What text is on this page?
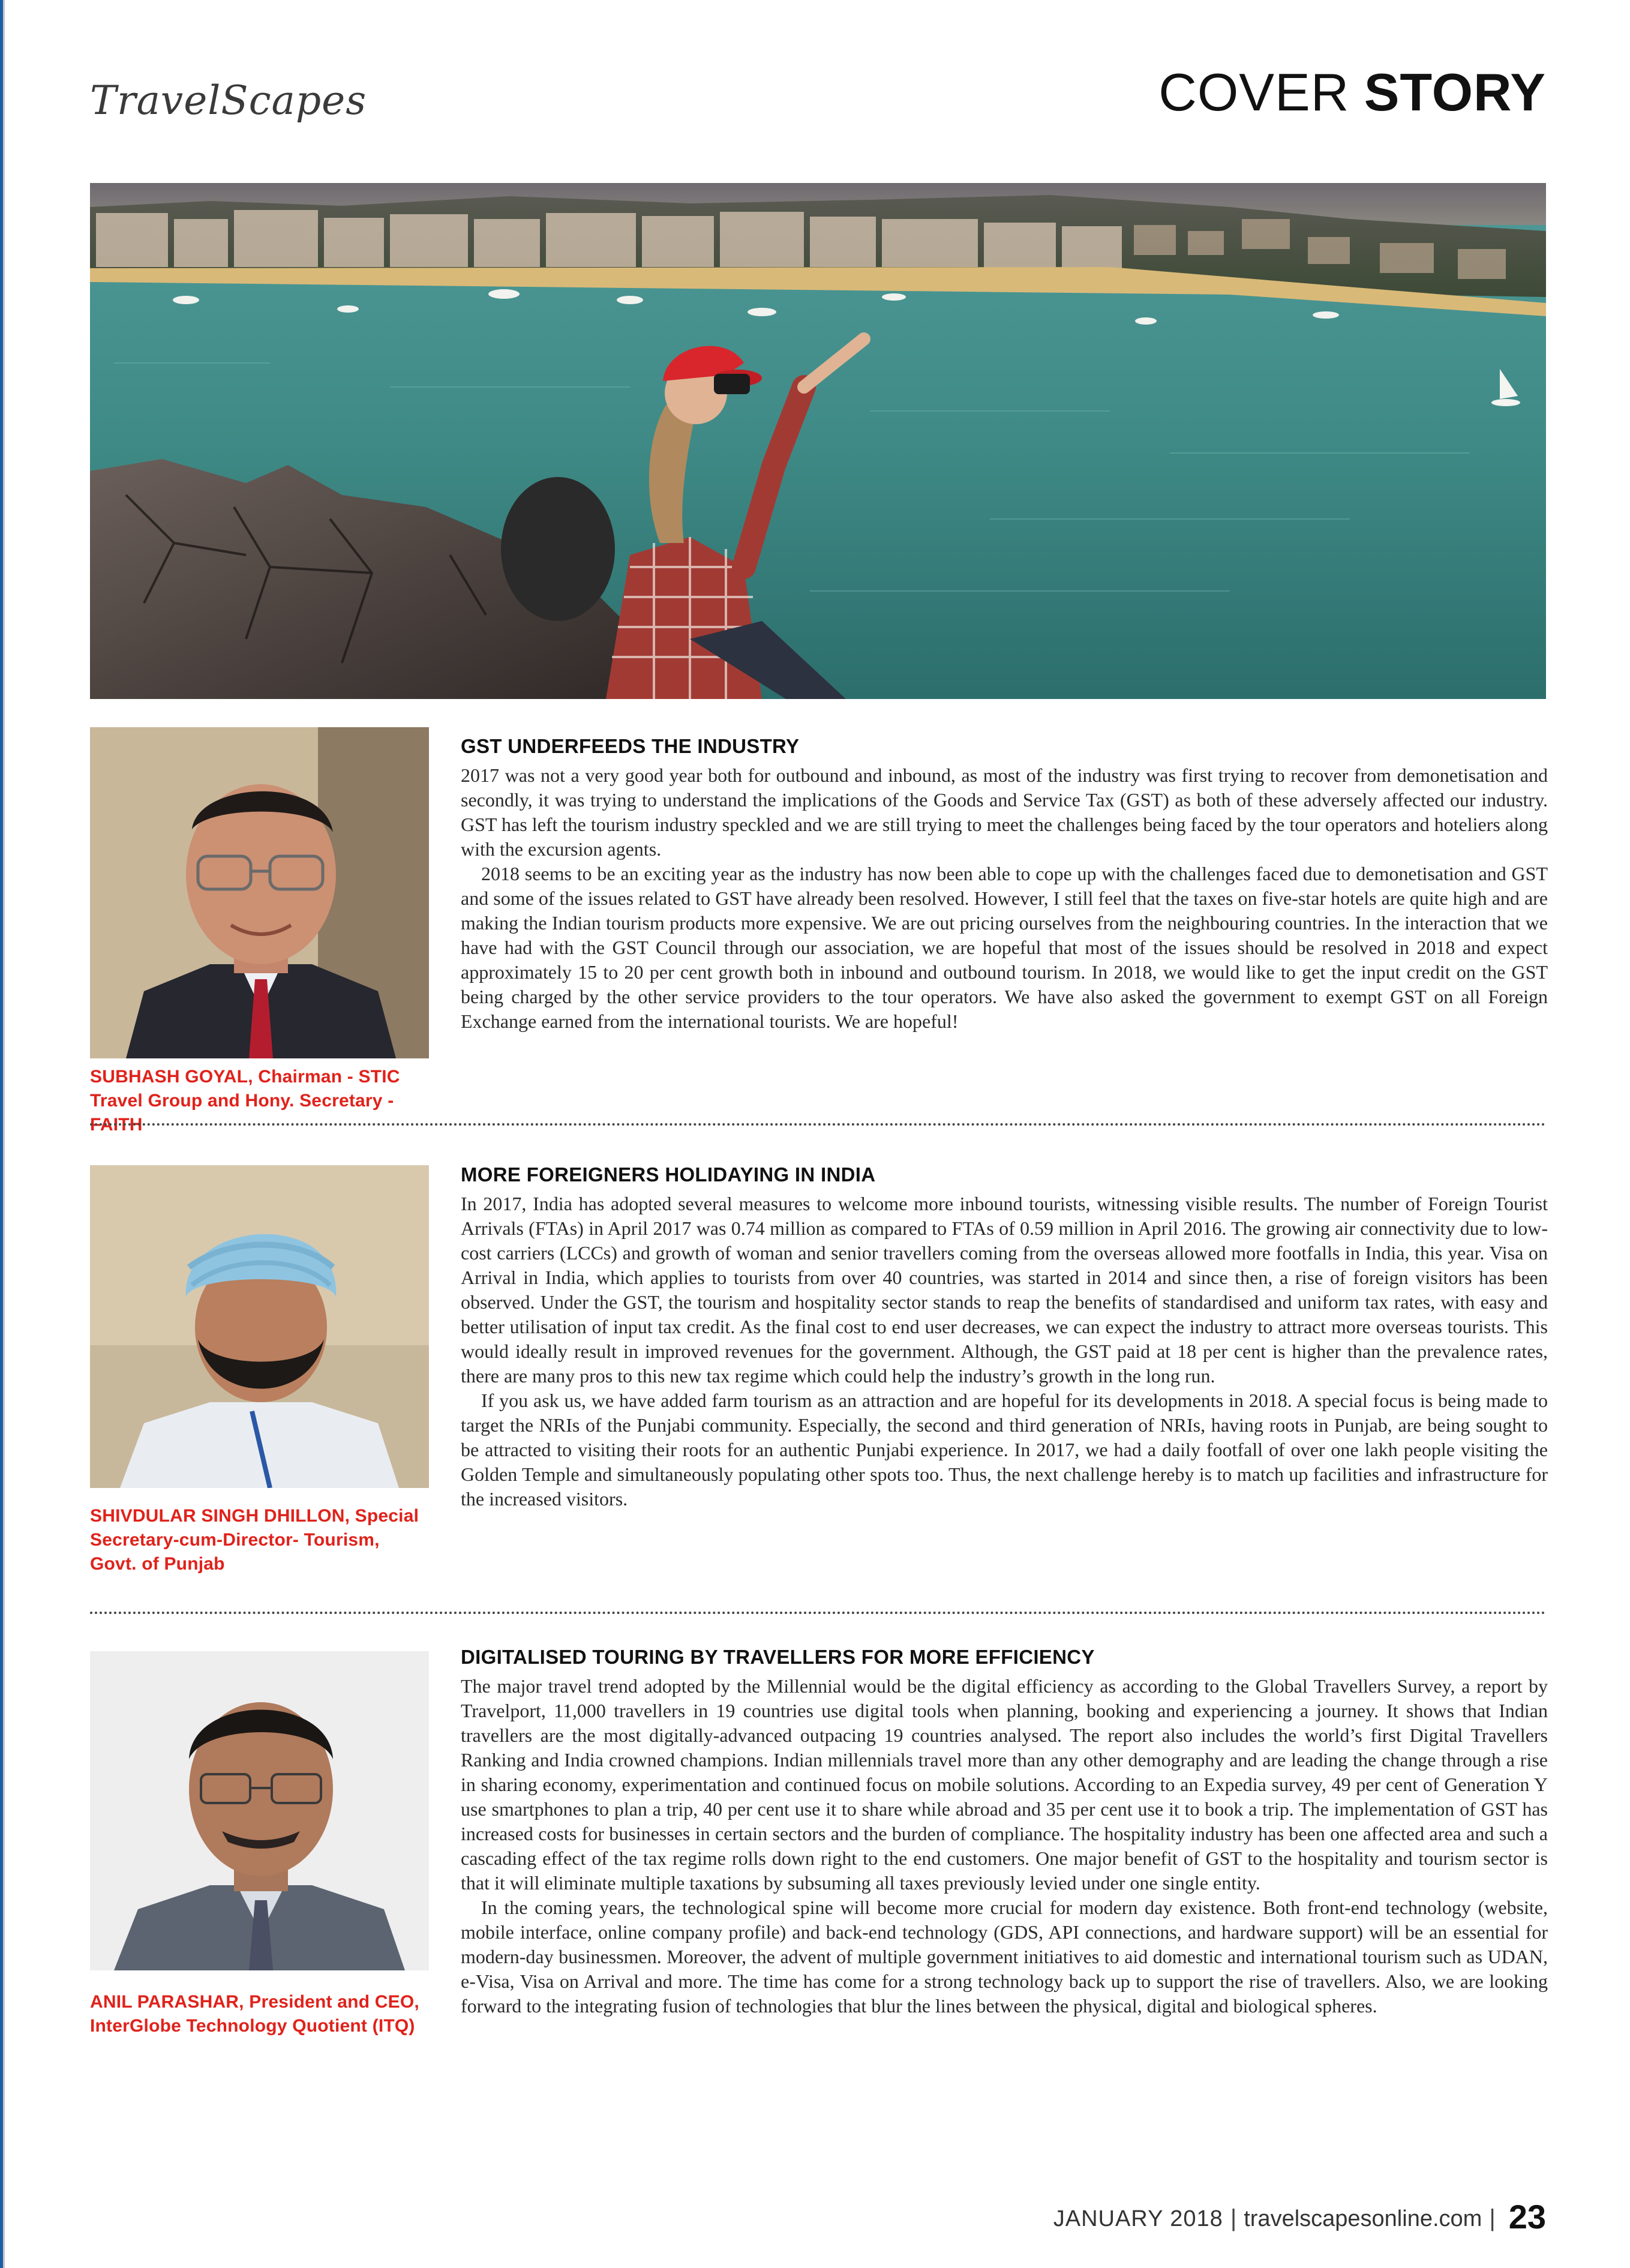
TravelScapes	COVER STORY
SUBHASH GOYAL, Chairman - STIC Travel Group and Hony. Secretary - FAITH
GST UNDERFEEDS THE INDUSTRY

2017 was not a very good year both for outbound and inbound, as most of the industry was first trying to recover from demonetisation and secondly, it was trying to understand the implications of the Goods and Service Tax (GST) as both of these adversely affected our industry. GST has left the tourism industry speckled and we are still trying to meet the challenges being faced by the tour operators and hoteliers along with the excursion agents.

2018 seems to be an exciting year as the industry has now been able to cope up with the challenges faced due to demonetisation and GST and some of the issues related to GST have already been resolved. However, I still feel that the taxes on five-star hotels are quite high and are making the Indian tourism products more expensive. We are out pricing ourselves from the neighbouring countries. In the interaction that we have had with the GST Council through our association, we are hopeful that most of the issues should be resolved in 2018 and expect approximately 15 to 20 per cent growth both in inbound and outbound tourism. In 2018, we would like to get the input credit on the GST being charged by the other service providers to the tour operators. We have also asked the government to exempt GST on all Foreign Exchange earned from the international tourists. We are hopeful!

SHIVDULAR SINGH DHILLON, Special Secretary-cum-Director- Tourism, Govt. of Punjab
MORE FOREIGNERS HOLIDAYING IN INDIA

In 2017, India has adopted several measures to welcome more inbound tourists, witnessing visible results. The number of Foreign Tourist Arrivals (FTAs) in April 2017 was 0.74 million as compared to FTAs of 0.59 million in April 2016. The growing air connectivity due to low-cost carriers (LCCs) and growth of woman and senior travellers coming from the overseas allowed more footfalls in India, this year. Visa on Arrival in India, which applies to tourists from over 40 countries, was started in 2014 and since then, a rise of foreign visitors has been observed. Under the GST, the tourism and hospitality sector stands to reap the benefits of standardised and uniform tax rates, with easy and better utilisation of input tax credit. As the final cost to end user decreases, we can expect the industry to attract more overseas tourists. This would ideally result in improved revenues for the government. Although, the GST paid at 18 per cent is higher than the prevalence rates, there are many pros to this new tax regime which could help the industry’s growth in the long run.

If you ask us, we have added farm tourism as an attraction and are hopeful for its developments in 2018. A special focus is being made to target the NRIs of the Punjabi community. Especially, the second and third generation of NRIs, having roots in Punjab, are being sought to be attracted to visiting their roots for an authentic Punjabi experience. In 2017, we had a daily footfall of over one lakh people visiting the Golden Temple and simultaneously populating other spots too. Thus, the next challenge hereby is to match up facilities and infrastructure for the increased visitors.

ANIL PARASHAR, President and CEO, InterGlobe Technology Quotient (ITQ)
DIGITALISED TOURING BY TRAVELLERS FOR MORE EFFICIENCY

The major travel trend adopted by the Millennial would be the digital efficiency as according to the Global Travellers Survey, a report by Travelport, 11,000 travellers in 19 countries use digital tools when planning, booking and experiencing a journey. It shows that Indian travellers are the most digitally-advanced outpacing 19 countries analysed. The report also includes the world’s first Digital Travellers Ranking and India crowned champions. Indian millennials travel more than any other demography and are leading the change through a rise in sharing economy, experimentation and continued focus on mobile solutions. According to an Expedia survey, 49 per cent of Generation Y use smartphones to plan a trip, 40 per cent use it to share while abroad and 35 per cent use it to book a trip. The implementation of GST has increased costs for businesses in certain sectors and the burden of compliance. The hospitality industry has been one affected area and such a cascading effect of the tax regime rolls down right to the end customers. One major benefit of GST to the hospitality and tourism sector is that it will eliminate multiple taxations by subsuming all taxes previously levied under one single entity.

In the coming years, the technological spine will become more crucial for modern day existence. Both front-end technology (website, mobile interface, online company profile) and back-end technology (GDS, API connections, and hardware support) will be an essential for modern-day businessmen. Moreover, the advent of multiple government initiatives to aid domestic and international tourism such as UDAN, e-Visa, Visa on Arrival and more. The time has come for a strong technology back up to support the rise of travellers. Also, we are looking forward to the integrating fusion of technologies that blur the lines between the physical, digital and biological spheres.

JANUARY 2018 | travelscapesonline.com | 23
